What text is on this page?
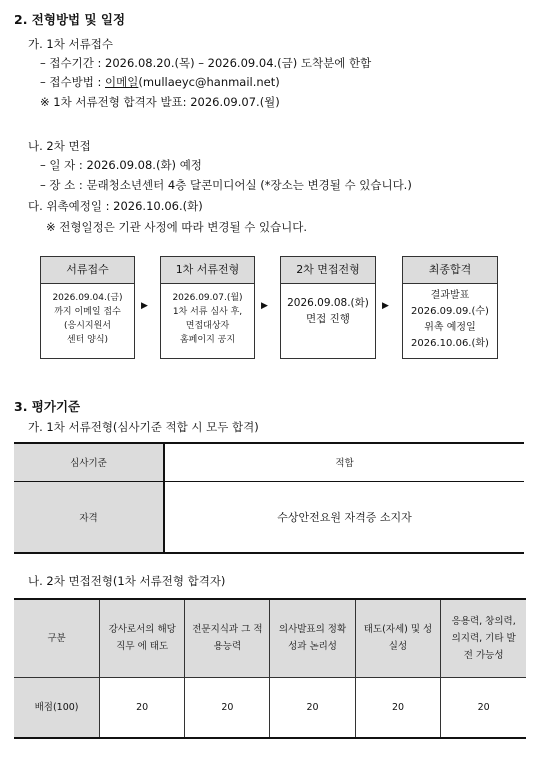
2. 전형방법 및 일정
가. 1차 서류접수
– 접수기간 : 2026.08.20.(목) – 2026.09.04.(금) 도착분에 한함
– 접수방법 : 이메일(mullaeyc@hanmail.net)
※ 1차 서류전형 합격자 발표: 2026.09.07.(월)
나. 2차 면접
– 일 자 : 2026.09.08.(화) 예정
– 장 소 : 문래청소년센터 4층 달콘미디어실 (*장소는 변경될 수 있습니다.)
다. 위촉예정일 : 2026.10.06.(화)
※ 전형일정은 기관 사정에 따라 변경될 수 있습니다.
서류접수
2026.09.04.(금)
까지 이메일 접수
(응시지원서
센터 양식)
▶
1차 서류전형
2026.09.07.(월)
1차 서류 심사 후,
면접대상자
홈페이지 공지
▶
2차 면접전형
2026.09.08.(화)
면접 진행
▶
최종합격
결과발표
2026.09.09.(수)
위촉 예정일
2026.10.06.(화)
3. 평가기준
가. 1차 서류전형(심사기준 적합 시 모두 합격)
심사기준	적합
자격	수상안전요원 자격증 소지자
나. 2차 면접전형(1차 서류전형 합격자)
구분	강사로서의 해당직무 에 태도	전문지식과 그 적용능력	의사발표의 정확성과 논리성	태도(자세) 및 성실성	응용력, 창의력, 의지력, 기타 발전 가능성
배점(100)	20	20	20	20	20
